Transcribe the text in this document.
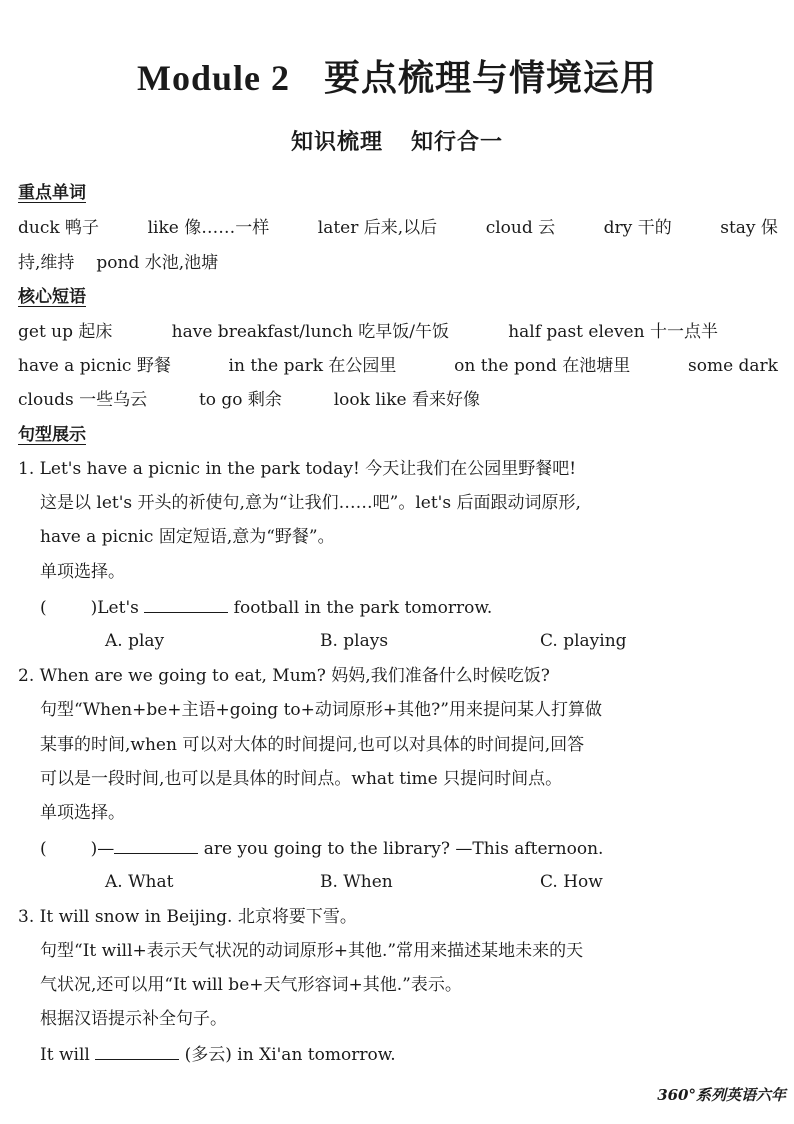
Module 2 要点梳理与情境运用
知识梳理 知行合一
重点单词
duck 鸭子	like 像……一样	later 后来,以后	cloud 云	dry 干的	stay 保
持,维持 pond 水池,池塘
核心短语
get up 起床	have breakfast/lunch 吃早饭/午饭	half past eleven 十一点半
have a picnic 野餐	in the park 在公园里	on the pond 在池塘里	some dark
clouds 一些乌云	to go 剩余	look like 看来好像
句型展示
1. Let's have a picnic in the park today! 今天让我们在公园里野餐吧!
这是以 let's 开头的祈使句,意为“让我们……吧”。let's 后面跟动词原形,
have a picnic 固定短语,意为“野餐”。
单项选择。
(	)Let's	football in the park tomorrow.
A. play	B. plays	C. playing
2. When are we going to eat, Mum? 妈妈,我们准备什么时候吃饭?
句型“When+be+主语+going to+动词原形+其他?”用来提问某人打算做
某事的时间,when 可以对大体的时间提问,也可以对具体的时间提问,回答
可以是一段时间,也可以是具体的时间点。what time 只提问时间点。
单项选择。
(	)—	are you going to the library? —This afternoon.
A. What	B. When	C. How
3. It will snow in Beijing. 北京将要下雪。
句型“It will+表示天气状况的动词原形+其他.”常用来描述某地未来的天
气状况,还可以用“It will be+天气形容词+其他.”表示。
根据汉语提示补全句子。
It will	(多云) in Xi'an tomorrow.
360°系列英语六年
